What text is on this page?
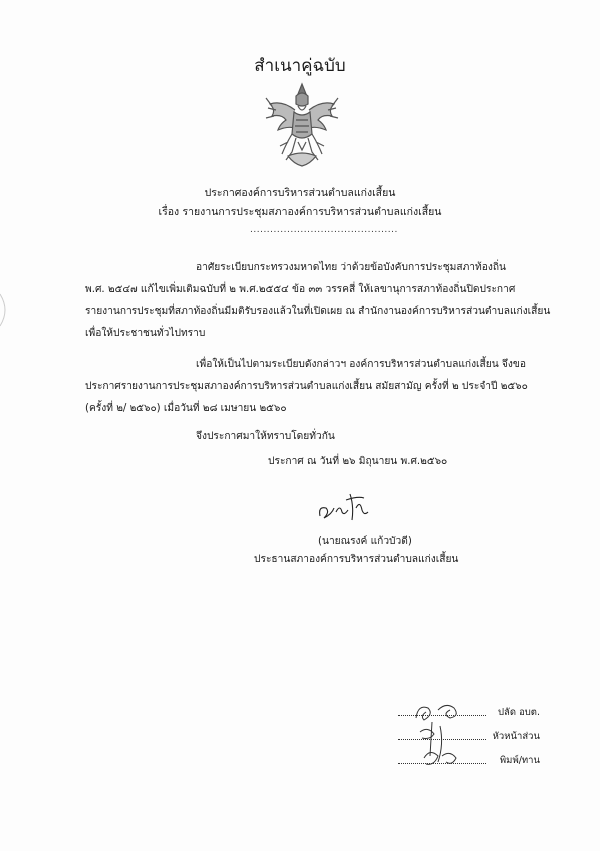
สำเนาคู่ฉบับ
ประกาศองค์การบริหารส่วนตำบลแก่งเสี้ยน
เรื่อง รายงานการประชุมสภาองค์การบริหารส่วนตำบลแก่งเสี้ยน
............................................
อาศัยระเบียบกระทรวงมหาดไทย ว่าด้วยข้อบังคับการประชุมสภาท้องถิ่น
พ.ศ. ๒๕๔๗ แก้ไขเพิ่มเติมฉบับที่ ๒ พ.ศ.๒๕๕๔ ข้อ ๓๓ วรรคสี่ ให้เลขานุการสภาท้องถิ่นปิดประกาศ
รายงานการประชุมที่สภาท้องถิ่นมีมติรับรองแล้วในที่เปิดเผย ณ สำนักงานองค์การบริหารส่วนตำบลแก่งเสี้ยน
เพื่อให้ประชาชนทั่วไปทราบ
เพื่อให้เป็นไปตามระเบียบดังกล่าวฯ องค์การบริหารส่วนตำบลแก่งเสี้ยน จึงขอ
ประกาศรายงานการประชุมสภาองค์การบริหารส่วนตำบลแก่งเสี้ยน สมัยสามัญ ครั้งที่ ๒ ประจำปี ๒๕๖๐
(ครั้งที่ ๒/ ๒๕๖๐) เมื่อวันที่ ๒๘ เมษายน ๒๕๖๐
จึงประกาศมาให้ทราบโดยทั่วกัน
ประกาศ ณ วันที่ ๒๖ มิถุนายน พ.ศ.๒๕๖๐
(นายณรงค์ แก้วบัวดี)
ประธานสภาองค์การบริหารส่วนตำบลแก่งเสี้ยน
ปลัด อบต.
หัวหน้าส่วน
พิมพ์/ทาน
